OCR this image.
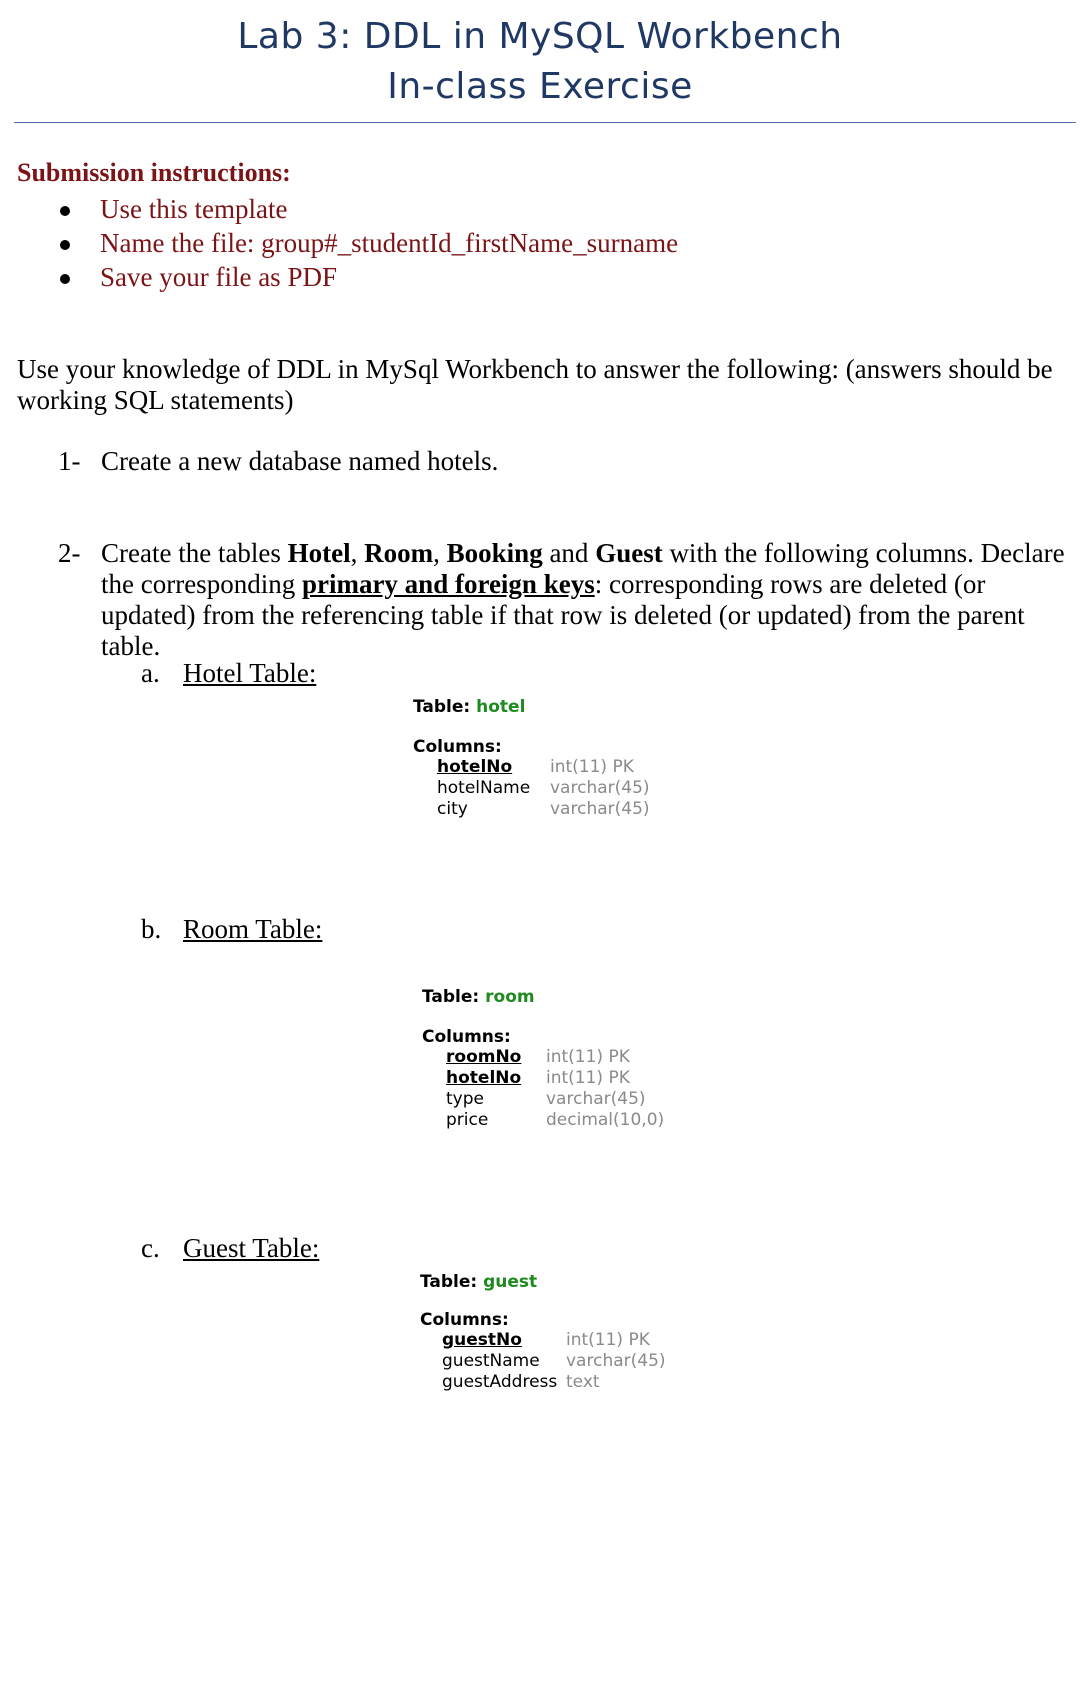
Lab 3: DDL in MySQL Workbench
In-class Exercise
Submission instructions:
Use this template
Name the file: group#_studentId_firstName_surname
Save your file as PDF
Use your knowledge of DDL in MySql Workbench to answer the following: (answers should be working SQL statements)
1- Create a new database named hotels.
2- Create the tables Hotel, Room, Booking and Guest with the following columns. Declare the corresponding primary and foreign keys: corresponding rows are deleted (or updated) from the referencing table if that row is deleted (or updated) from the parent table.
a. Hotel Table:
Table: hotel
Columns:
hotelNo int(11) PK
hotelName varchar(45)
city	varchar(45)
b. Room Table:
Table: room
Columns:
roomNo int(11) PK
hotelNo int(11) PK
type	varchar(45)
price	decimal(10,0)
c. Guest Table:
Table: guest
Columns:
guestNo	int(11) PK
guestName varchar(45)
guestAddress text
